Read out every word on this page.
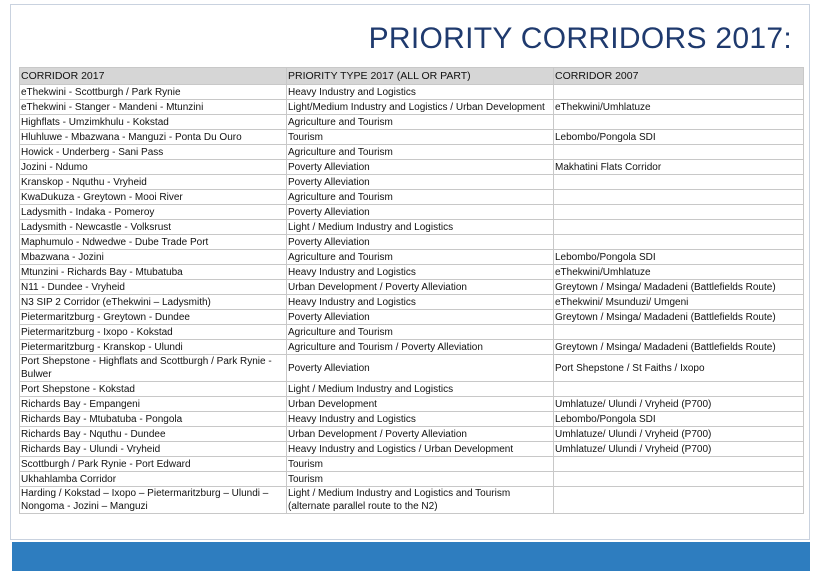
PRIORITY CORRIDORS 2017:
CORRIDOR 2017	PRIORITY TYPE 2017 (ALL OR PART)	CORRIDOR 2007
eThekwini - Scottburgh / Park Rynie	Heavy Industry and Logistics	
eThekwini - Stanger - Mandeni - Mtunzini	Light/Medium Industry and Logistics / Urban Development	eThekwini/Umhlatuze
Highflats - Umzimkhulu - Kokstad	Agriculture and Tourism	
Hluhluwe - Mbazwana - Manguzi - Ponta Du Ouro	Tourism	Lebombo/Pongola SDI
Howick - Underberg - Sani Pass	Agriculture and Tourism	
Jozini - Ndumo	Poverty Alleviation	Makhatini Flats Corridor
Kranskop - Nquthu - Vryheid	Poverty Alleviation	
KwaDukuza - Greytown - Mooi River	Agriculture and Tourism	
Ladysmith - Indaka - Pomeroy	Poverty Alleviation	
Ladysmith - Newcastle - Volksrust	Light / Medium Industry and Logistics	
Maphumulo - Ndwedwe - Dube Trade Port	Poverty Alleviation	
Mbazwana - Jozini	Agriculture and Tourism	Lebombo/Pongola SDI
Mtunzini - Richards Bay - Mtubatuba	Heavy Industry and Logistics	eThekwini/Umhlatuze
N11 - Dundee - Vryheid	Urban Development / Poverty Alleviation	Greytown / Msinga/ Madadeni (Battlefields Route)
N3 SIP 2 Corridor (eThekwini – Ladysmith)	Heavy Industry and Logistics	eThekwini/ Msunduzi/ Umgeni
Pietermaritzburg - Greytown - Dundee	Poverty Alleviation	Greytown / Msinga/ Madadeni (Battlefields Route)
Pietermaritzburg - Ixopo - Kokstad	Agriculture and Tourism	
Pietermaritzburg - Kranskop - Ulundi	Agriculture and Tourism / Poverty Alleviation	Greytown / Msinga/ Madadeni (Battlefields Route)
Port Shepstone - Highflats and Scottburgh / Park Rynie - Bulwer	Poverty Alleviation	Port Shepstone / St Faiths / Ixopo
Port Shepstone - Kokstad	Light / Medium Industry and Logistics	
Richards Bay - Empangeni	Urban Development	Umhlatuze/ Ulundi / Vryheid (P700)
Richards Bay - Mtubatuba - Pongola	Heavy Industry and Logistics	Lebombo/Pongola SDI
Richards Bay - Nquthu - Dundee	Urban Development / Poverty Alleviation	Umhlatuze/ Ulundi / Vryheid (P700)
Richards Bay - Ulundi - Vryheid	Heavy Industry and Logistics / Urban Development	Umhlatuze/ Ulundi / Vryheid (P700)
Scottburgh / Park Rynie - Port Edward	Tourism	
Ukhahlamba Corridor	Tourism	
Harding / Kokstad – Ixopo – Pietermaritzburg – Ulundi – Nongoma - Jozini – Manguzi	Light / Medium Industry and Logistics and Tourism (alternate parallel route to the N2)	
